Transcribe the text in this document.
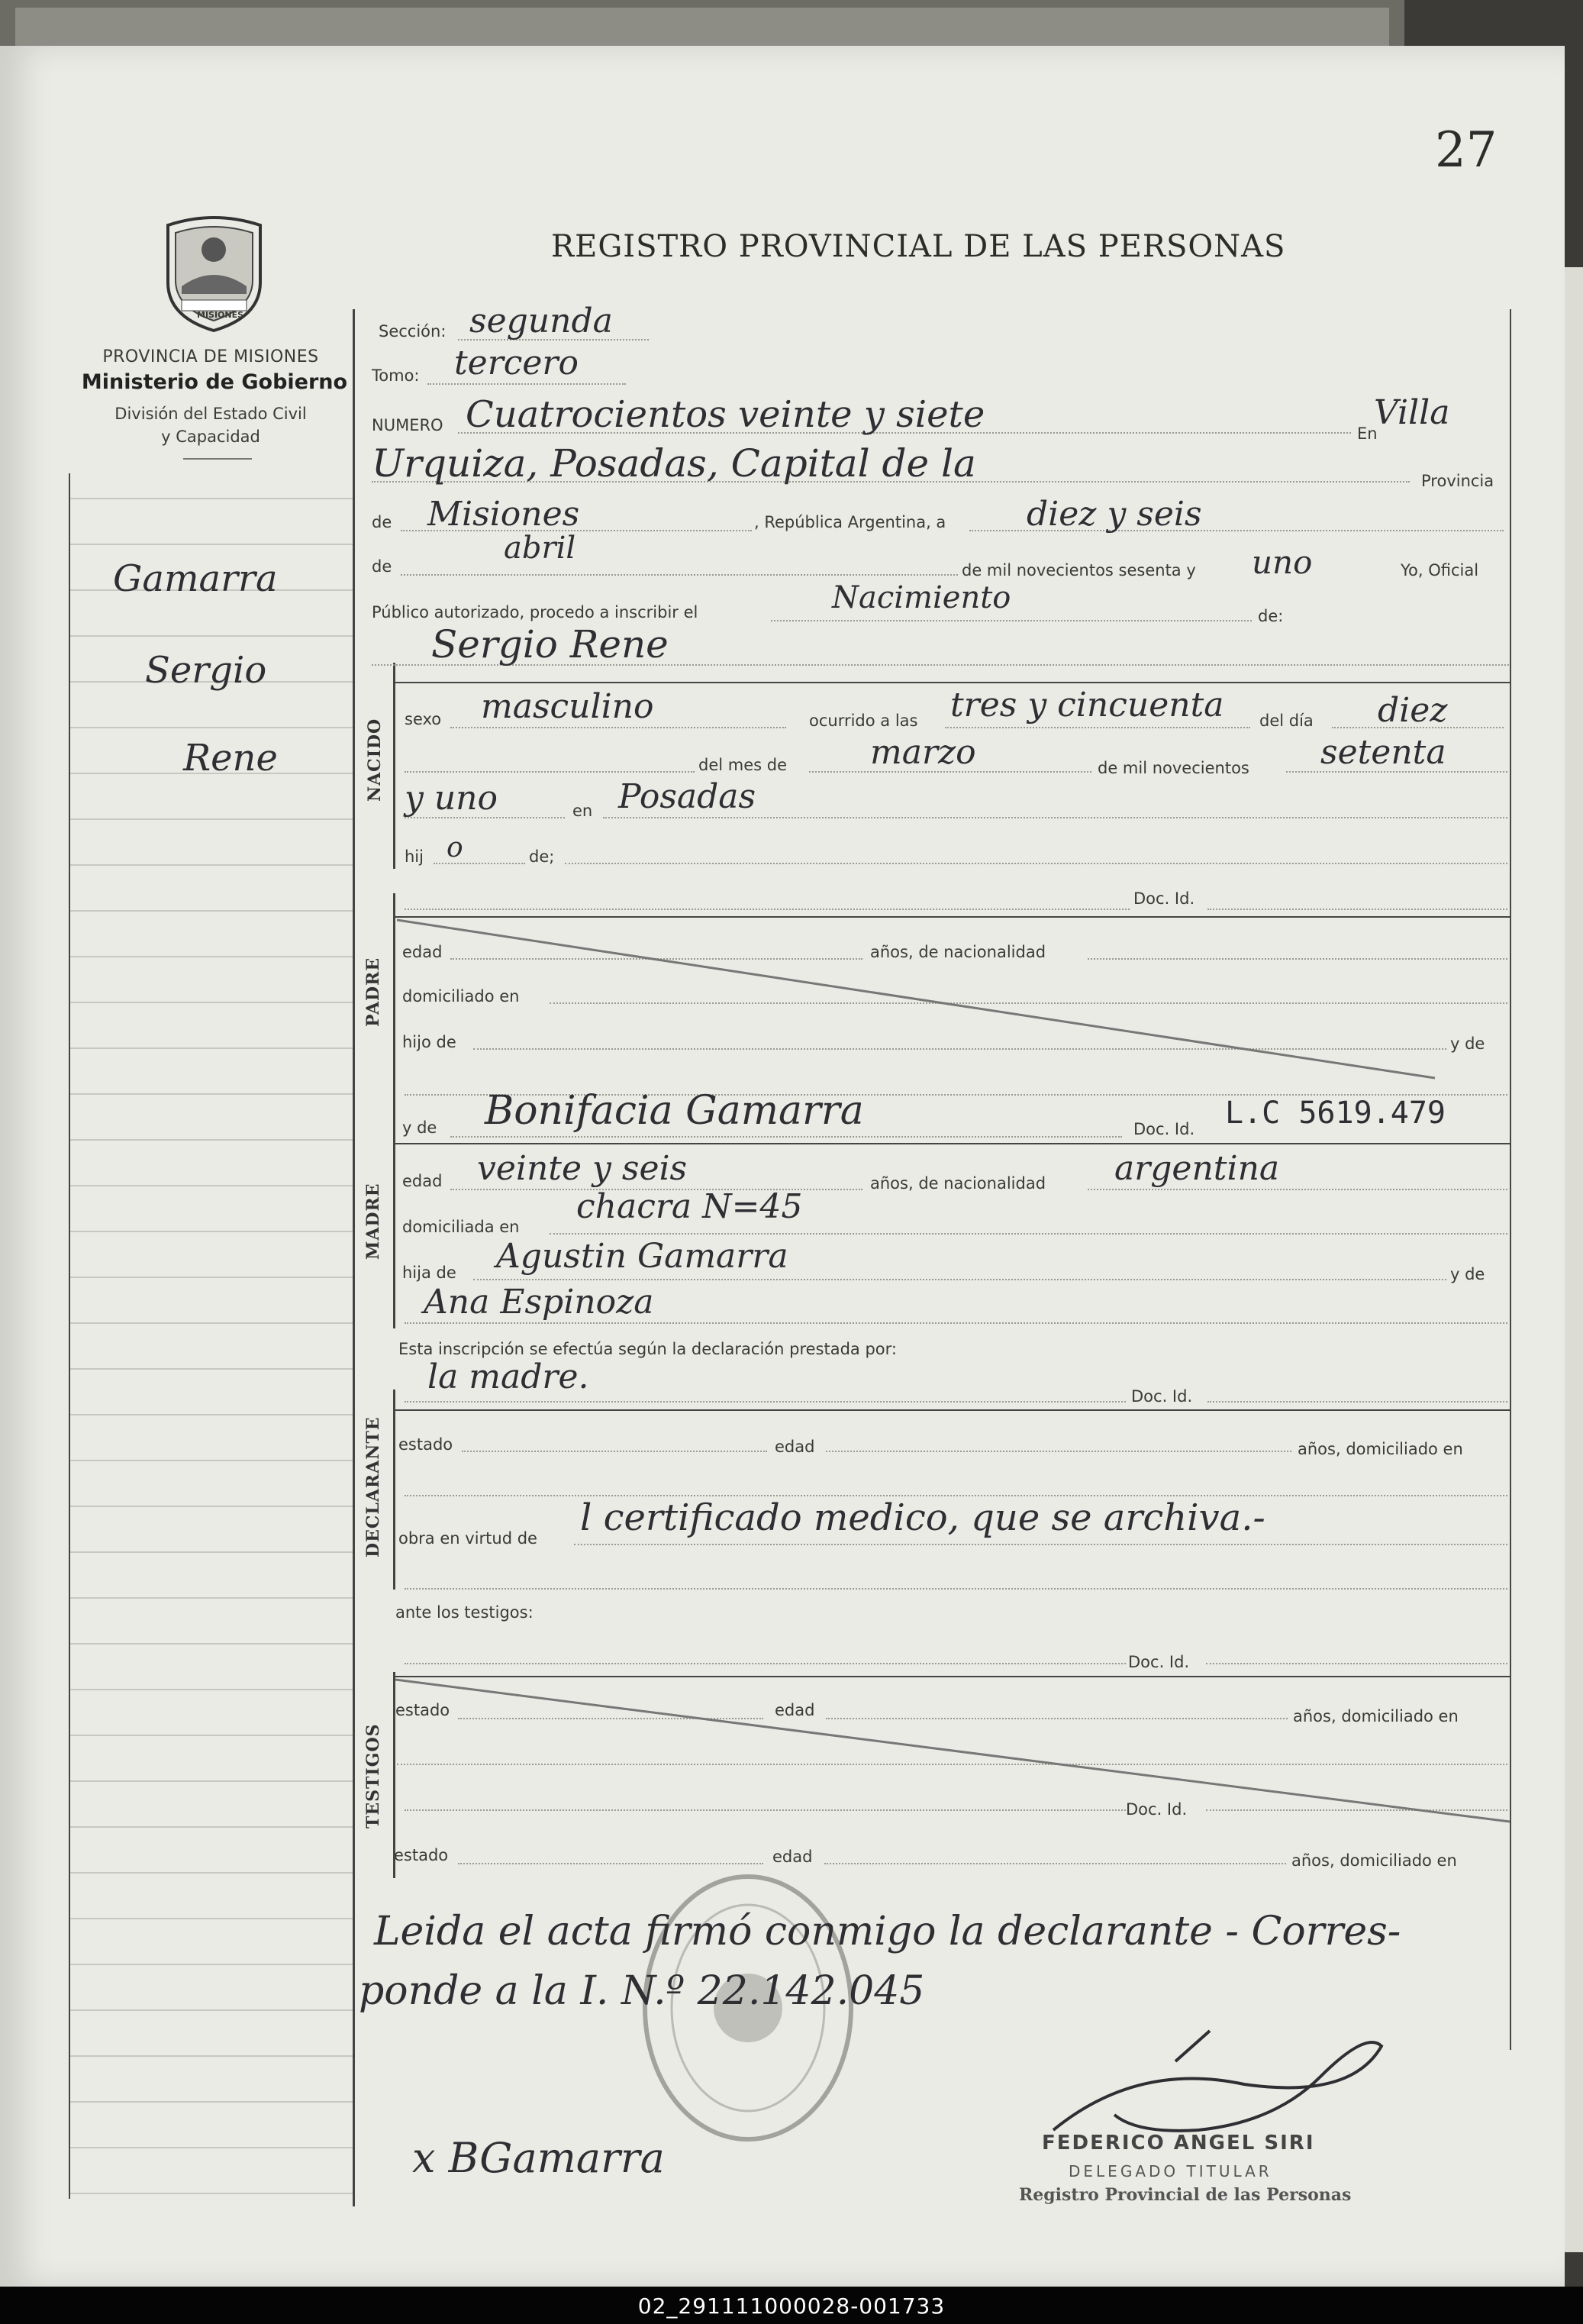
27
MISIONES
PROVINCIA DE MISIONES
Ministerio de Gobierno
División del Estado Civil
y Capacidad
REGISTRO PROVINCIAL DE LAS PERSONAS
Gamarra
Sergio
Rene
Sección: segunda
Tomo: tercero
NUMERO Cuatrocientos veinte y siete	En
Villa
Urquiza, Posadas, Capital de la	Provincia
de Misiones	, República Argentina, a diez y seis
de
abril
de mil novecientos sesenta y uno	Yo, Oficial
Público autorizado, procedo a inscribir el	Nacimiento
de:
Sergio Rene
NACIDO sexo masculino	ocurrido a las tres y cincuenta del día diez
del mes de marzo	de mil novecientos setenta
y uno	en Posadas
hij o	de;
PADRE
Doc. Id.
edad	años, de nacionalidad
domiciliado en
hijo de	y de
MADRE
y de Bonifacia Gamarra	Doc. Id. L.C 5619.479
edad veinte y seis	años, de nacionalidad argentina
domiciliada en
chacra N=45
hija de Agustin Gamarra	y de
Ana Espinoza
Esta inscripción se efectúa según la declaración prestada por:
DECLARANTE
la madre.	Doc. Id.
estado	edad	años, domiciliado en
obra en virtud de l certificado medico, que se archiva.-
ante los testigos:
Doc. Id.
TESTIGOS
estado	edad	años, domiciliado en
Doc. Id.
estado	edad	años, domiciliado en
Leida el acta firmó conmigo la declarante - Corres-
ponde a la I. N.º 22.142.045
x BGamarra	FEDERICO ANGEL SIRI
DELEGADO TITULAR
Registro Provincial de las Personas
02_291111000028-001733
